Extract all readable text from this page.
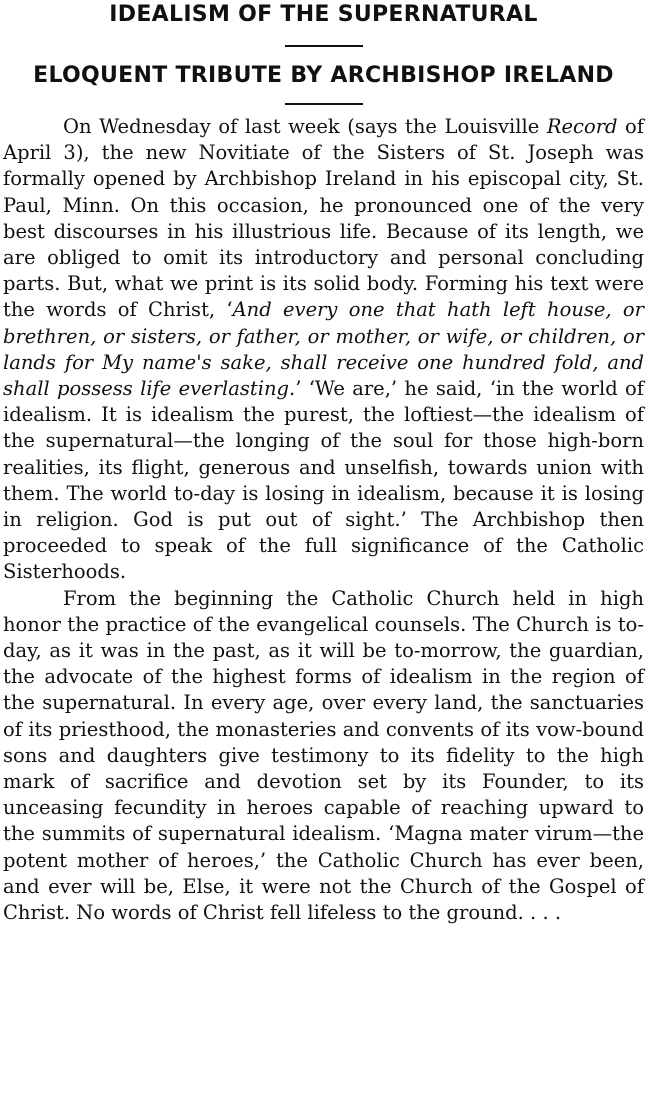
IDEALISM OF THE SUPERNATURAL
ELOQUENT TRIBUTE BY ARCHBISHOP IRELAND

On Wednesday of last week (says the Louisville Record of April 3), the new Novitiate of the Sisters of St. Joseph was formally opened by Archbishop Ireland in his episcopal city, St. Paul, Minn. On this occasion, he pronounced one of the very best discourses in his illustrious life. Because of its length, we are obliged to omit its introductory and personal concluding parts. But, what we print is its solid body. Forming his text were the words of Christ, ‘And every one that hath left house, or brethren, or sisters, or father, or mother, or wife, or children, or lands for My name's sake, shall receive one hundred fold, and shall possess life everlasting.’ ‘We are,’ he said, ‘in the world of idealism. It is idealism the purest, the loftiest—the idealism of the supernatural—the longing of the soul for those high-born realities, its flight, generous and unselfish, towards union with them. The world to-day is losing in idealism, because it is losing in religion. God is put out of sight.’ The Archbishop then proceeded to speak of the full significance of the Catholic Sisterhoods.

From the beginning the Catholic Church held in high honor the practice of the evangelical counsels. The Church is to-day, as it was in the past, as it will be to-morrow, the guardian, the advocate of the highest forms of idealism in the region of the supernatural. In every age, over every land, the sanctuaries of its priesthood, the monasteries and convents of its vow-bound sons and daughters give testimony to its fidelity to the high mark of sacrifice and devotion set by its Founder, to its unceasing fecundity in heroes capable of reaching upward to the summits of supernatural idealism. ‘Magna mater virum—the potent mother of heroes,’ the Catholic Church has ever been, and ever will be, Else, it were not the Church of the Gospel of Christ. No words of Christ fell lifeless to the ground. . . .
